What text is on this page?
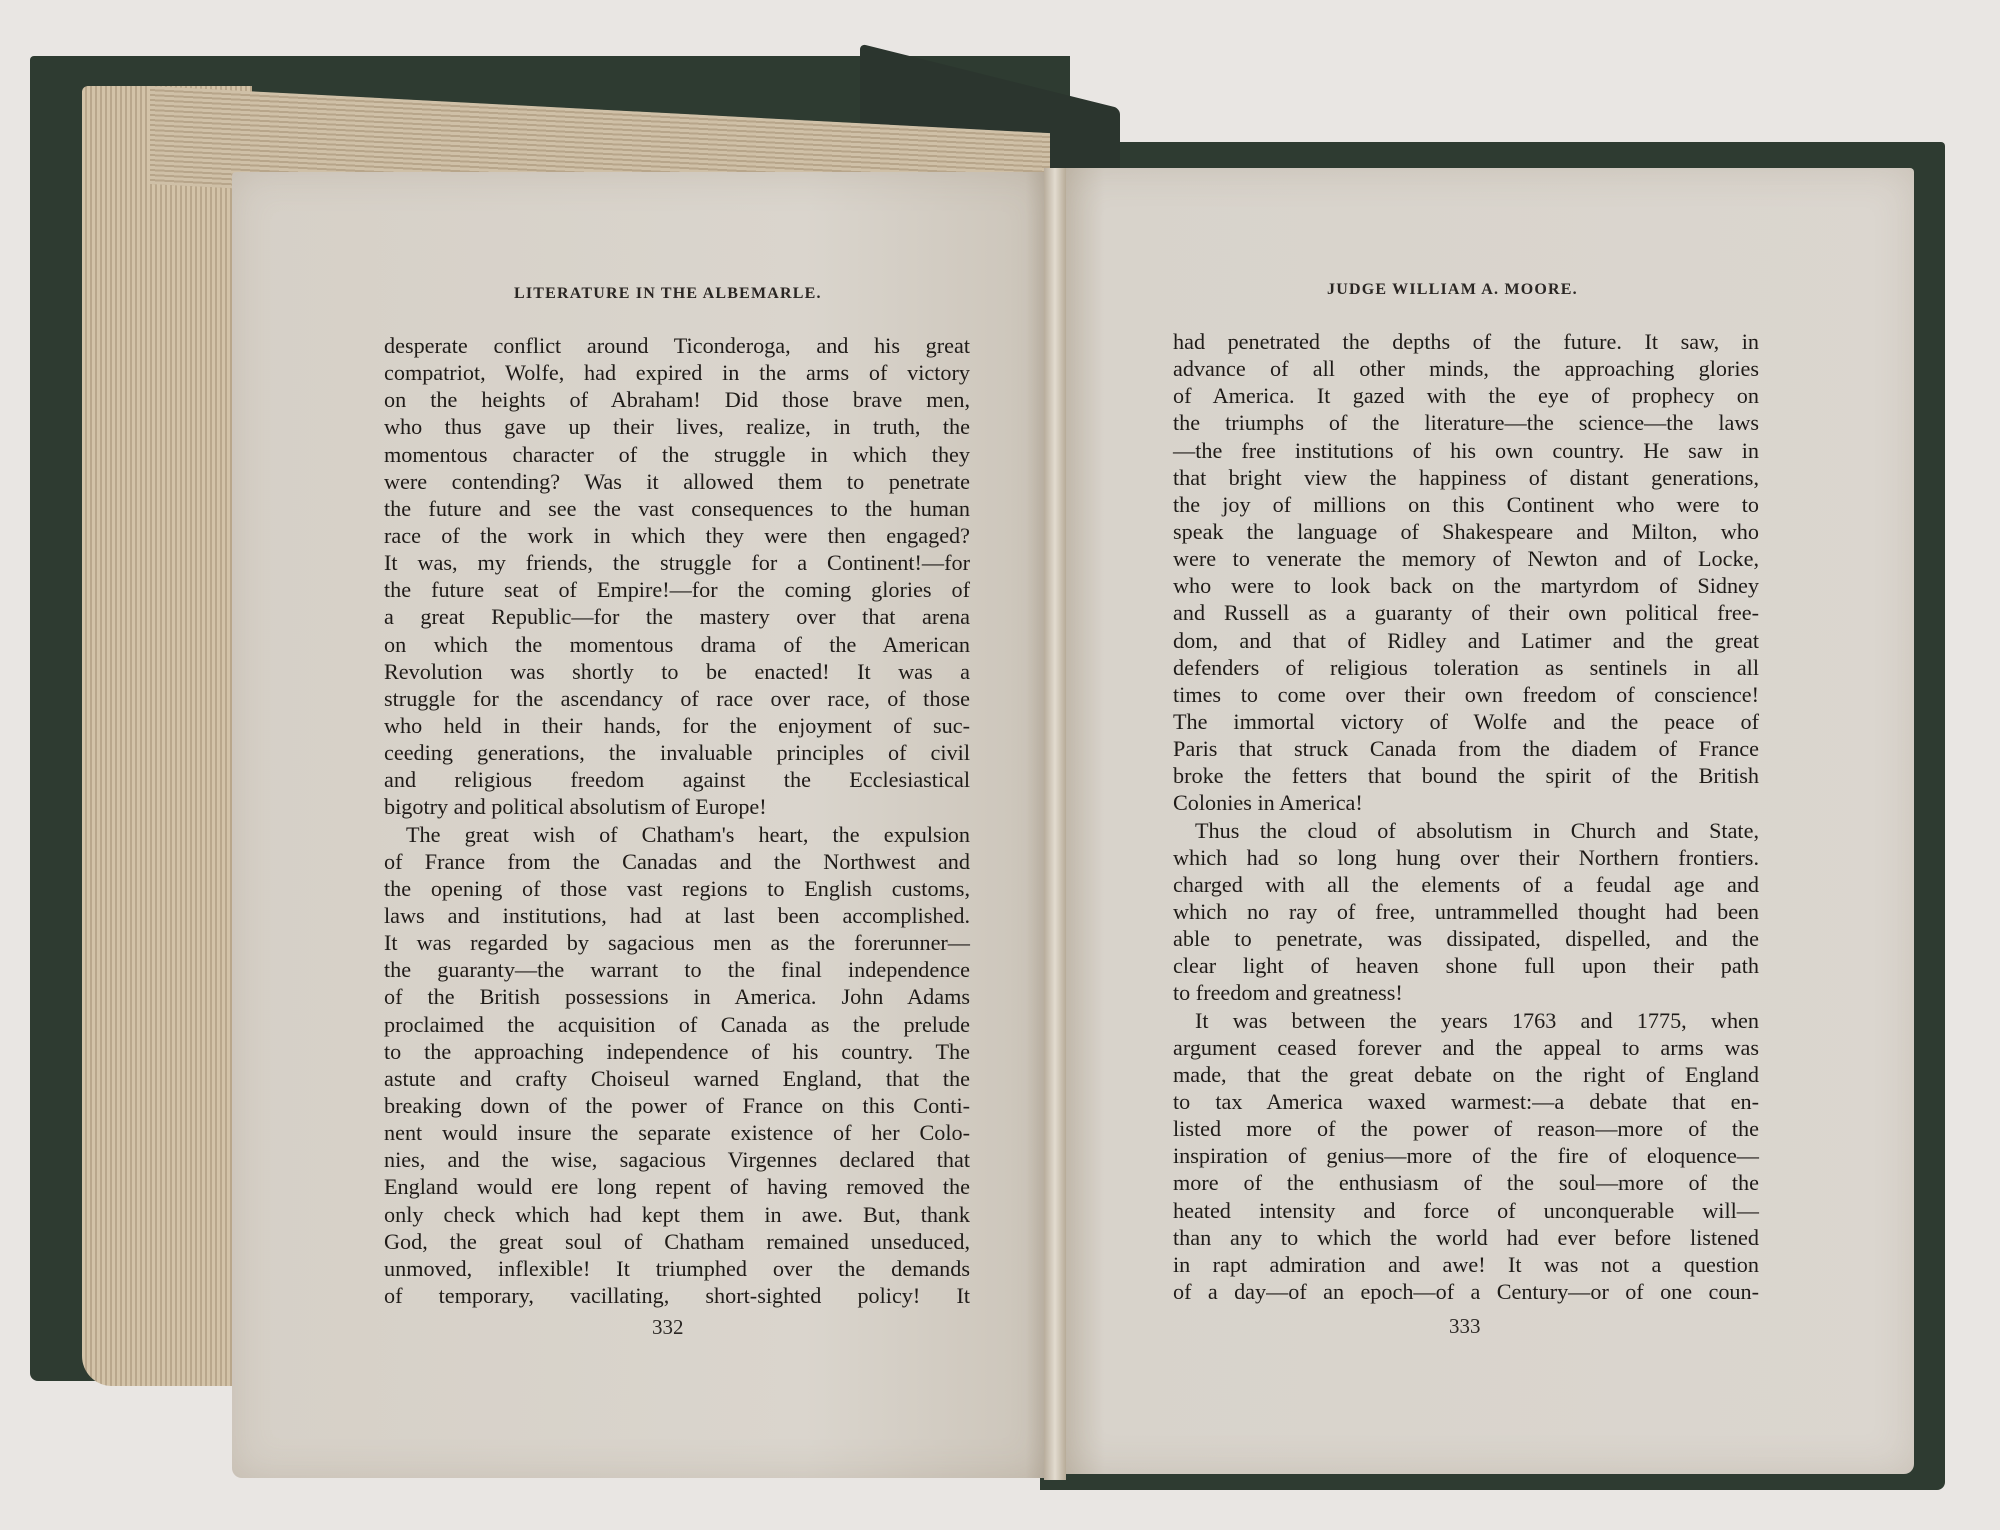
LITERATURE IN THE ALBEMARLE.
desperate conflict around Ticonderoga, and his great
compatriot, Wolfe, had expired in the arms of victory
on the heights of Abraham! Did those brave men,
who thus gave up their lives, realize, in truth, the
momentous character of the struggle in which they
were contending? Was it allowed them to penetrate
the future and see the vast consequences to the human
race of the work in which they were then engaged?
It was, my friends, the struggle for a Continent!—for
the future seat of Empire!—for the coming glories of
a great Republic—for the mastery over that arena
on which the momentous drama of the American
Revolution was shortly to be enacted! It was a
struggle for the ascendancy of race over race, of those
who held in their hands, for the enjoyment of suc-
ceeding generations, the invaluable principles of civil
and religious freedom against the Ecclesiastical
bigotry and political absolutism of Europe!
The great wish of Chatham's heart, the expulsion
of France from the Canadas and the Northwest and
the opening of those vast regions to English customs,
laws and institutions, had at last been accomplished.
It was regarded by sagacious men as the forerunner—
the guaranty—the warrant to the final independence
of the British possessions in America. John Adams
proclaimed the acquisition of Canada as the prelude
to the approaching independence of his country. The
astute and crafty Choiseul warned England, that the
breaking down of the power of France on this Conti-
nent would insure the separate existence of her Colo-
nies, and the wise, sagacious Virgennes declared that
England would ere long repent of having removed the
only check which had kept them in awe. But, thank
God, the great soul of Chatham remained unseduced,
unmoved, inflexible! It triumphed over the demands
of temporary, vacillating, short-sighted policy! It
332
JUDGE WILLIAM A. MOORE.
had penetrated the depths of the future. It saw, in
advance of all other minds, the approaching glories
of America. It gazed with the eye of prophecy on
the triumphs of the literature—the science—the laws
—the free institutions of his own country. He saw in
that bright view the happiness of distant generations,
the joy of millions on this Continent who were to
speak the language of Shakespeare and Milton, who
were to venerate the memory of Newton and of Locke,
who were to look back on the martyrdom of Sidney
and Russell as a guaranty of their own political free-
dom, and that of Ridley and Latimer and the great
defenders of religious toleration as sentinels in all
times to come over their own freedom of conscience!
The immortal victory of Wolfe and the peace of
Paris that struck Canada from the diadem of France
broke the fetters that bound the spirit of the British
Colonies in America!
Thus the cloud of absolutism in Church and State,
which had so long hung over their Northern frontiers.
charged with all the elements of a feudal age and
which no ray of free, untrammelled thought had been
able to penetrate, was dissipated, dispelled, and the
clear light of heaven shone full upon their path
to freedom and greatness!
It was between the years 1763 and 1775, when
argument ceased forever and the appeal to arms was
made, that the great debate on the right of England
to tax America waxed warmest:—a debate that en-
listed more of the power of reason—more of the
inspiration of genius—more of the fire of eloquence—
more of the enthusiasm of the soul—more of the
heated intensity and force of unconquerable will—
than any to which the world had ever before listened
in rapt admiration and awe! It was not a question
of a day—of an epoch—of a Century—or of one coun-
333
